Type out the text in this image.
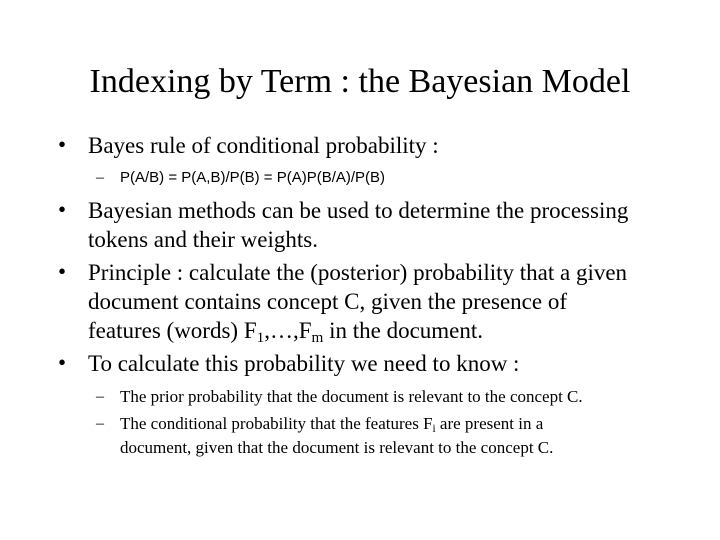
Indexing by Term : the Bayesian Model
• Bayes rule of conditional probability :
– P(A/B) = P(A,B)/P(B) = P(A)P(B/A)/P(B)
• Bayesian methods can be used to determine the processing
tokens and their weights.
• Principle : calculate the (posterior) probability that a given
document contains concept C, given the presence of
features (words) $F_1,\dots,F_m$ in the document.
• To calculate this probability we need to know :
– The prior probability that the document is relevant to the concept C.
– The conditional probability that the features $F_i$ are present in a
document, given that the document is relevant to the concept C.
